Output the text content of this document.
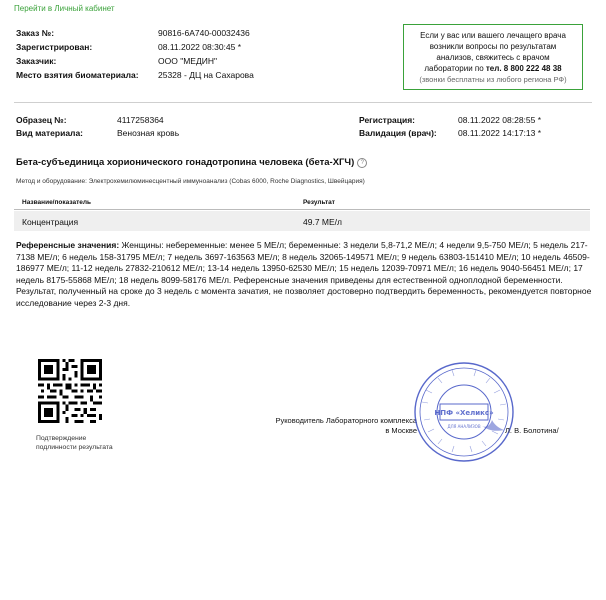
Перейти в Личный кабинет
Заказ №:	90816-6A740-00032436
Зарегистрирован:	08.11.2022 08:30:45 *
Заказчик:	ООО "МЕДИН"
Место взятия биоматериала: 25328 - ДЦ на Сахарова
Если у вас или вашего лечащего врача
возникли вопросы по результатам
анализов, свяжитесь с врачом
лаборатории по тел. 8 800 222 48 38
(звонки бесплатны из любого региона РФ)
Образец №:	4117258364
Вид материала:	Венозная кровь
Регистрация:	08.11.2022 08:28:55 *
Валидация (врач):	08.11.2022 14:17:13 *
Бета-субъединица хорионического гонадотропина человека (бета-ХГЧ) ?
Метод и оборудование: Электрохемилюминесцентный иммуноанализ (Cobas 6000, Roche Diagnostics, Швейцария)
Название/показатель	Результат
Концентрация	49.7 МЕ/л
Референсные значения: Женщины: небеременные: менее 5 МЕ/л; беременные: 3 недели 5,8-71,2 МЕ/л; 4 недели 9,5-750 МЕ/л; 5 недель 217-7138 МЕ/л; 6 недель 158-31795 МЕ/л; 7 недель 3697-163563 МЕ/л; 8 недель 32065-149571 МЕ/л; 9 недель 63803-151410 МЕ/л; 10 недель 46509-186977 МЕ/л; 11-12 недель 27832-210612 МЕ/л; 13-14 недель 13950-62530 МЕ/л; 15 недель 12039-70971 МЕ/л; 16 недель 9040-56451 МЕ/л; 17 недель 8175-55868 МЕ/л; 18 недель 8099-58176 МЕ/л. Референсные значения приведены для естественной одноплодной беременности. Результат, полученный на сроке до 3 недель с момента зачатия, не позволяет достоверно подтвердить беременность, рекомендуется повторное исследование через 2-3 дня.
Подтверждение
подлинности результата
Руководитель Лабораторного комплекса
в Москве
НПФ «Хеликс»
ДЛЯ АНАЛИЗОВ	Л. В. Болотина/
